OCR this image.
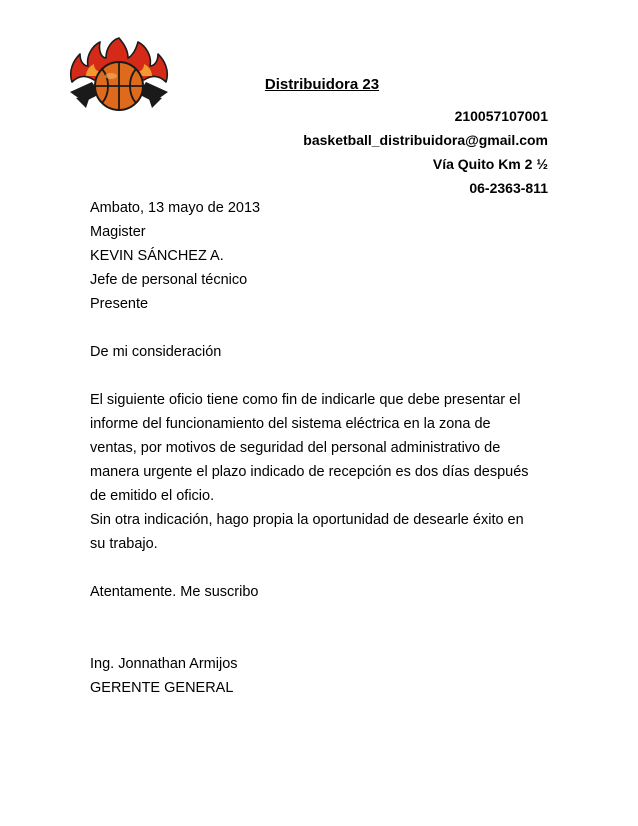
Distribuidora 23
210057107001
basketball_distribuidora@gmail.com
Vía Quito Km 2 ½
06-2363-811

Ambato, 13 mayo de 2013

Magister

KEVIN SÁNCHEZ A.

Jefe de personal técnico

Presente

De mi consideración

El siguiente oficio tiene como fin de indicarle que debe presentar el

informe del funcionamiento del sistema eléctrica en la zona de

ventas, por motivos de seguridad del personal administrativo de

manera urgente el plazo indicado de recepción es dos días después

de emitido el oficio.

Sin otra indicación, hago propia la oportunidad de desearle éxito en

su trabajo.

Atentamente. Me suscribo

Ing. Jonnathan Armijos

GERENTE GENERAL
